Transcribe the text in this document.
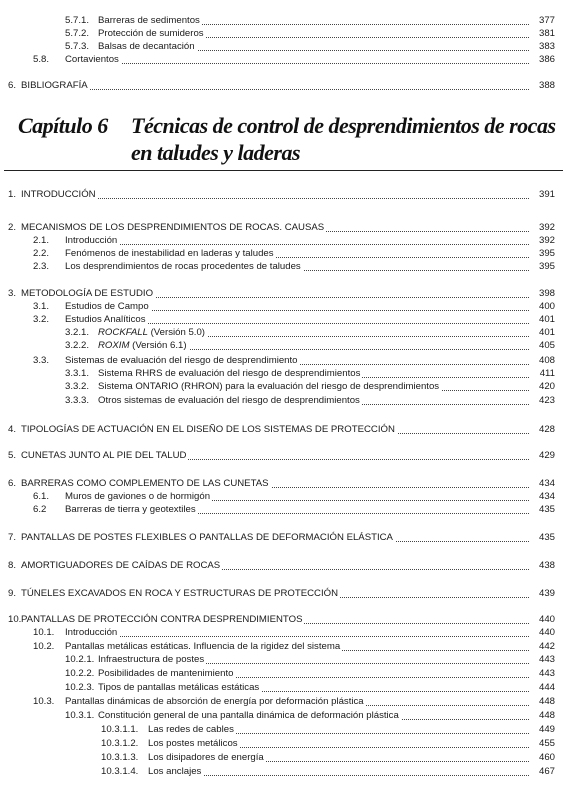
Capítulo 6 Técnicas de control de desprendimientos de rocas
en taludes y laderas
5.7.1. Barreras de sedimentos	377
5.7.2. Protección de sumideros	381
5.7.3. Balsas de decantación	383
5.8. Cortavientos	386
6. BIBLIOGRAFÍA	388
1. INTRODUCCIÓN	391
2. MECANISMOS DE LOS DESPRENDIMIENTOS DE ROCAS. CAUSAS	392
2.1. Introducción	392
2.2. Fenómenos de inestabilidad en laderas y taludes	395
2.3. Los desprendimientos de rocas procedentes de taludes	395
3. METODOLOGÍA DE ESTUDIO	398
3.1. Estudios de Campo	400
3.2. Estudios Analíticos	401
3.2.1. ROCKFALL (Versión 5.0)	401
3.2.2. ROXIM (Versión 6.1)	405
3.3. Sistemas de evaluación del riesgo de desprendimiento	408
3.3.1. Sistema RHRS de evaluación del riesgo de desprendimientos	411
3.3.2. Sistema ONTARIO (RHRON) para la evaluación del riesgo de desprendimientos	420
3.3.3. Otros sistemas de evaluación del riesgo de desprendimientos	423
4. TIPOLOGÍAS DE ACTUACIÓN EN EL DISEÑO DE LOS SISTEMAS DE PROTECCIÓN	428
5. CUNETAS JUNTO AL PIE DEL TALUD	429
6. BARRERAS COMO COMPLEMENTO DE LAS CUNETAS	434
6.1. Muros de gaviones o de hormigón	434
6.2 Barreras de tierra y geotextiles	435
7. PANTALLAS DE POSTES FLEXIBLES O PANTALLAS DE DEFORMACIÓN ELÁSTICA	435
8. AMORTIGUADORES DE CAÍDAS DE ROCAS	438
9. TÚNELES EXCAVADOS EN ROCA Y ESTRUCTURAS DE PROTECCIÓN	439
10. PANTALLAS DE PROTECCIÓN CONTRA DESPRENDIMIENTOS	440
10.1. Introducción	440
10.2. Pantallas metálicas estáticas. Influencia de la rigidez del sistema	442
10.2.1. Infraestructura de postes	443
10.2.2. Posibilidades de mantenimiento	443
10.2.3. Tipos de pantallas metálicas estáticas	444
10.3. Pantallas dinámicas de absorción de energía por deformación plástica	448
10.3.1. Constitución general de una pantalla dinámica de deformación plástica	448
10.3.1.1. Las redes de cables	449
10.3.1.2. Los postes metálicos	455
10.3.1.3. Los disipadores de energía	460
10.3.1.4. Los anclajes	467
